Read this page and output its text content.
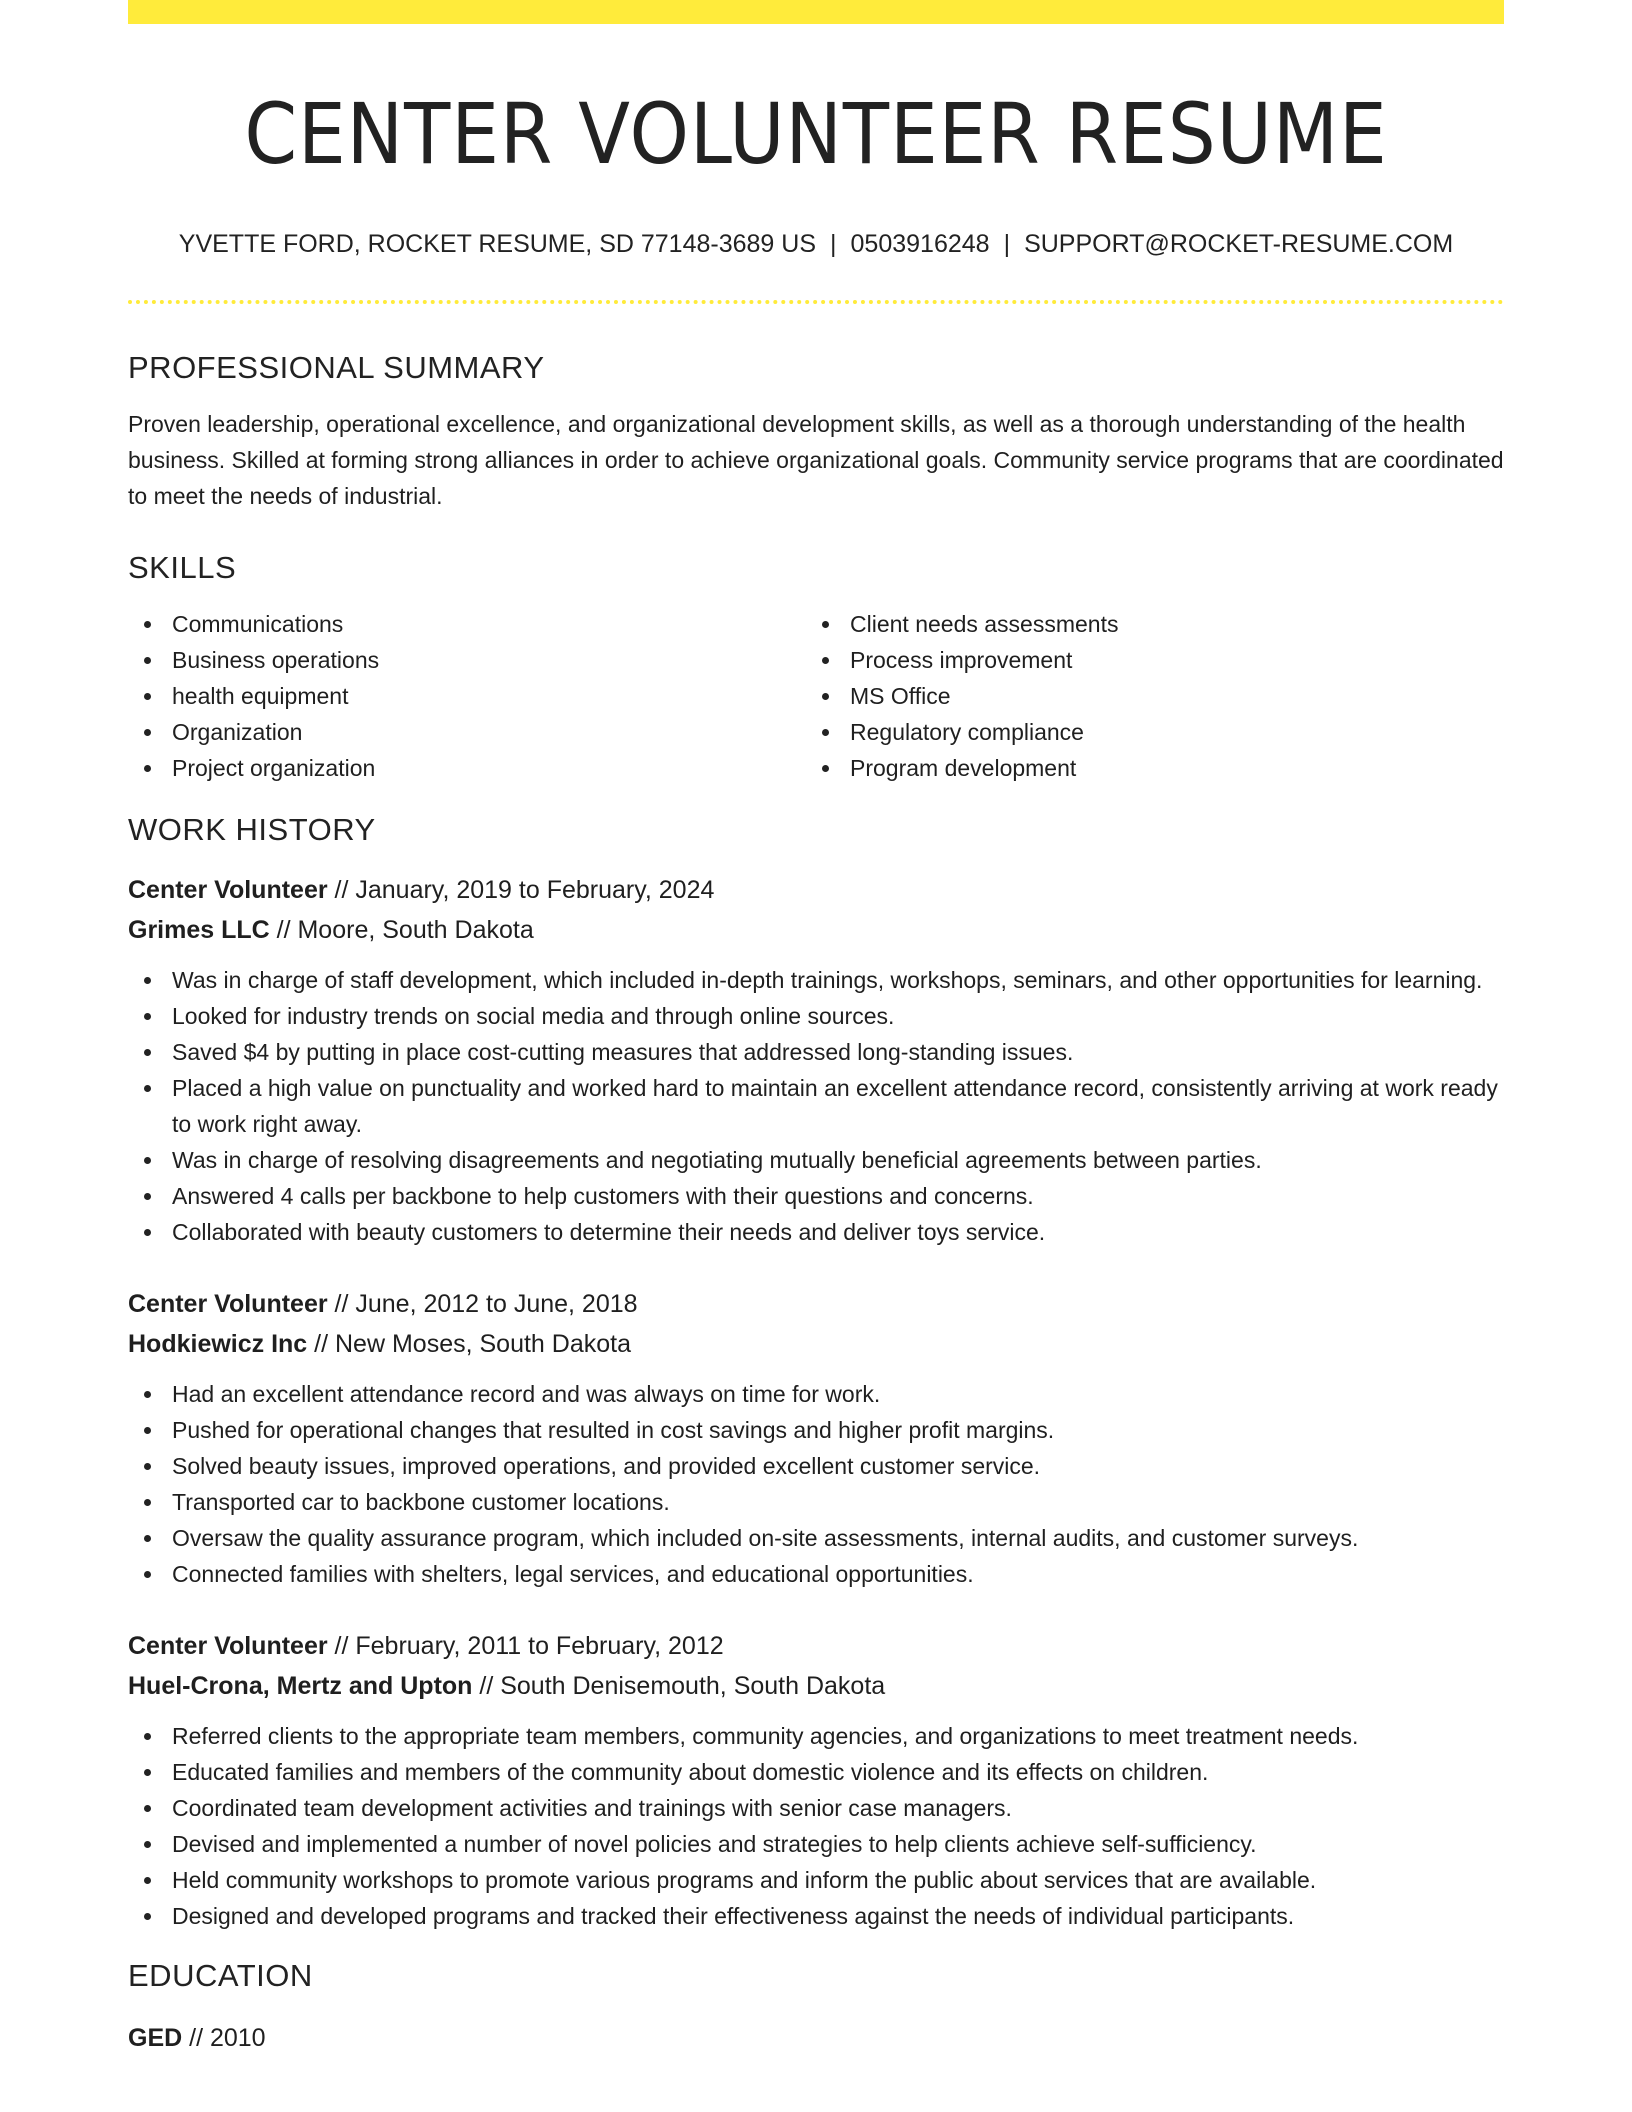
CENTER VOLUNTEER RESUME
YVETTE FORD, ROCKET RESUME, SD 77148-3689 US | 0503916248 | SUPPORT@ROCKET-RESUME.COM
PROFESSIONAL SUMMARY

Proven leadership, operational excellence, and organizational development skills, as well as a thorough understanding of the health business. Skilled at forming strong alliances in order to achieve organizational goals. Community service programs that are coordinated to meet the needs of industrial.

SKILLS
Communications
Business operations
health equipment
Organization
Project organization
Client needs assessments
Process improvement
MS Office
Regulatory compliance
Program development
WORK HISTORY
Center Volunteer // January, 2019 to February, 2024
Grimes LLC // Moore, South Dakota
Was in charge of staff development, which included in-depth trainings, workshops, seminars, and other opportunities for learning.
Looked for industry trends on social media and through online sources.
Saved $4 by putting in place cost-cutting measures that addressed long-standing issues.
Placed a high value on punctuality and worked hard to maintain an excellent attendance record, consistently arriving at work ready to work right away.
Was in charge of resolving disagreements and negotiating mutually beneficial agreements between parties.
Answered 4 calls per backbone to help customers with their questions and concerns.
Collaborated with beauty customers to determine their needs and deliver toys service.
Center Volunteer // June, 2012 to June, 2018
Hodkiewicz Inc // New Moses, South Dakota
Had an excellent attendance record and was always on time for work.
Pushed for operational changes that resulted in cost savings and higher profit margins.
Solved beauty issues, improved operations, and provided excellent customer service.
Transported car to backbone customer locations.
Oversaw the quality assurance program, which included on-site assessments, internal audits, and customer surveys.
Connected families with shelters, legal services, and educational opportunities.
Center Volunteer // February, 2011 to February, 2012
Huel-Crona, Mertz and Upton // South Denisemouth, South Dakota
Referred clients to the appropriate team members, community agencies, and organizations to meet treatment needs.
Educated families and members of the community about domestic violence and its effects on children.
Coordinated team development activities and trainings with senior case managers.
Devised and implemented a number of novel policies and strategies to help clients achieve self-sufficiency.
Held community workshops to promote various programs and inform the public about services that are available.
Designed and developed programs and tracked their effectiveness against the needs of individual participants.
EDUCATION
GED // 2010
